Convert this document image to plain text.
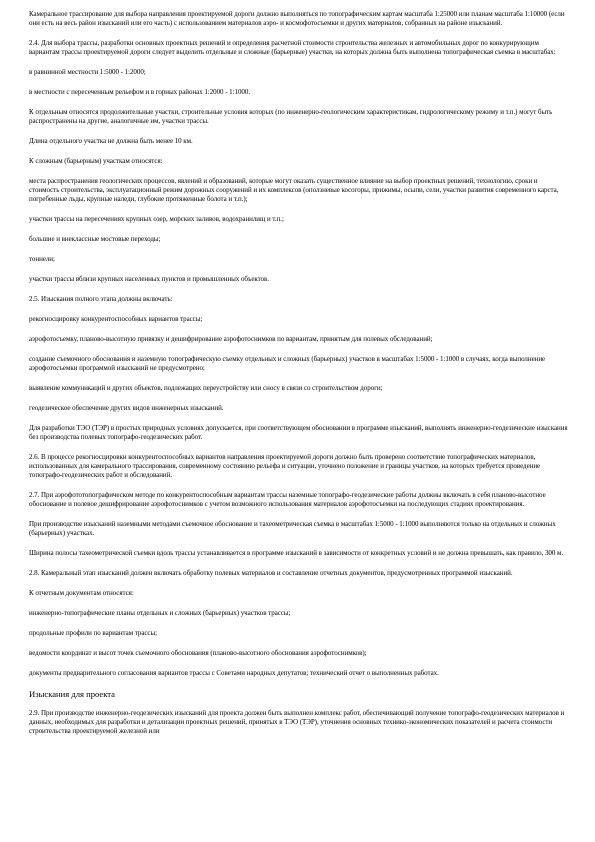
Камеральное трассирование для выбора направления проектируемой дороги должно выполняться по топографическим картам масштаба 1:25000 или планам масштаба 1:10000 (если они есть на весь район изысканий или его часть) с использованием материалов аэро- и космофотосъемки и других материалов, собранных на районе изысканий.

2.4. Для выбора трассы, разработки основных проектных решений и определения расчетной стоимости строительства железных и автомобильных дорог по конкурирующим вариантам трассы проектируемой дороги следует выделить отдельные и сложные (барьерные) участки, на которых должна быть выполнена топографическая съемка в масштабах:

в равнинной местности 1:5000 - 1:2000;

в местности с пересеченным рельефом и в горных районах 1:2000 - 1:1000.

К отдельным относятся продолжительные участки, строительные условия которых (по инженерно-геологическим характеристикам, гидрологическому режиму и т.п.) могут быть распространены на другие, аналогичные им, участки трассы.

Длина отдельного участка не должна быть менее 10 км.

К сложным (барьерным) участкам относятся:

места распространения геологических процессов, явлений и образований, которые могут оказать существенное влияние на выбор проектных решений, технологию, сроки и стоимость строительства, эксплуатационный режим дорожных сооружений и их комплексов (оползневые косогоры, прижимы, осыпи, сели, участки развития современного карста, погребенные льды, крупные наледи, глубокие протяженные болота и т.п.);

участки трассы на пересечениях крупных озер, морских заливов, водохранилищ и т.п.;

большие и внеклассные мостовые переходы;

тоннели;

участки трассы вблизи крупных населенных пунктов и промышленных объектов.

2.5. Изыскания полного этапа должны включать:

рекогносцировку конкурентоспособных вариантов трассы;

аэрофотосъемку, планово-высотную привязку и дешифрирование аэрофотоснимков по вариантам, принятым для полевых обследований;

создание съемочного обоснования и наземную топографическую съемку отдельных и сложных (барьерных) участков в масштабах 1:5000 - 1:1000 в случаях, когда выполнение аэрофотосъемки программой изысканий не предусмотрено;

выявление коммуникаций и других объектов, подлежащих переустройству или сносу в связи со строительством дороги;

геодезическое обеспечение других видов инженерных изысканий.

Для разработки ТЭО (ТЭР) в простых природных условиях допускается, при соответствующем обосновании в программе изысканий, выполнять инженерно-геодезические изыскания без производства полевых топографо-геодезических работ.

2.6. В процессе рекогносцировки конкурентоспособных вариантов направления проектируемой дороги должно быть проверено соответствие топографических материалов, использованных для камерального трассирования, современному состоянию рельефа и ситуации, уточнено положение и границы участков, на которых требуется проведение топографо-геодезических работ и обследований.

2.7. При аэрофототопографическом методе по конкурентоспособным вариантам трассы наземные топографо-геодезические работы должны включать в себя планово-высотное обоснование и полевое дешифрирование аэрофотоснимков с учетом возможного использования материалов аэрофотосъемки на последующих стадиях проектирования.

При производстве изысканий наземными методами съемочное обоснование и тахеометрическая съемка в масштабах 1:5000 - 1:1000 выполняются только на отдельных и сложных (барьерных) участках.

Ширина полосы тахеометрической съемки вдоль трассы устанавливается в программе изысканий в зависимости от конкретных условий и не должна превышать, как правило, 300 м.

2.8. Камеральный этап изысканий должен включать обработку полевых материалов и составление отчетных документов, предусмотренных программой изысканий.

К отчетным документам относятся:

инженерно-топографические планы отдельных и сложных (барьерных) участков трассы;

продольные профили по вариантам трассы;

ведомости координат и высот точек съемочного обоснования (планово-высотного обоснования аэрофотоснимков);

документы предварительного согласования вариантов трассы с Советами народных депутатов; технический отчет о выполненных работах.

Изыскания для проекта

2.9. При производстве инженерно-геодезических изысканий для проекта должен быть выполнен комплекс работ, обеспечивающий получение топографо-геодезических материалов и данных, необходимых для разработки и детализации проектных решений, принятых в ТЭО (ТЭР), уточнения основных технико-экономических показателей и расчета стоимости строительства проектируемой железной или
